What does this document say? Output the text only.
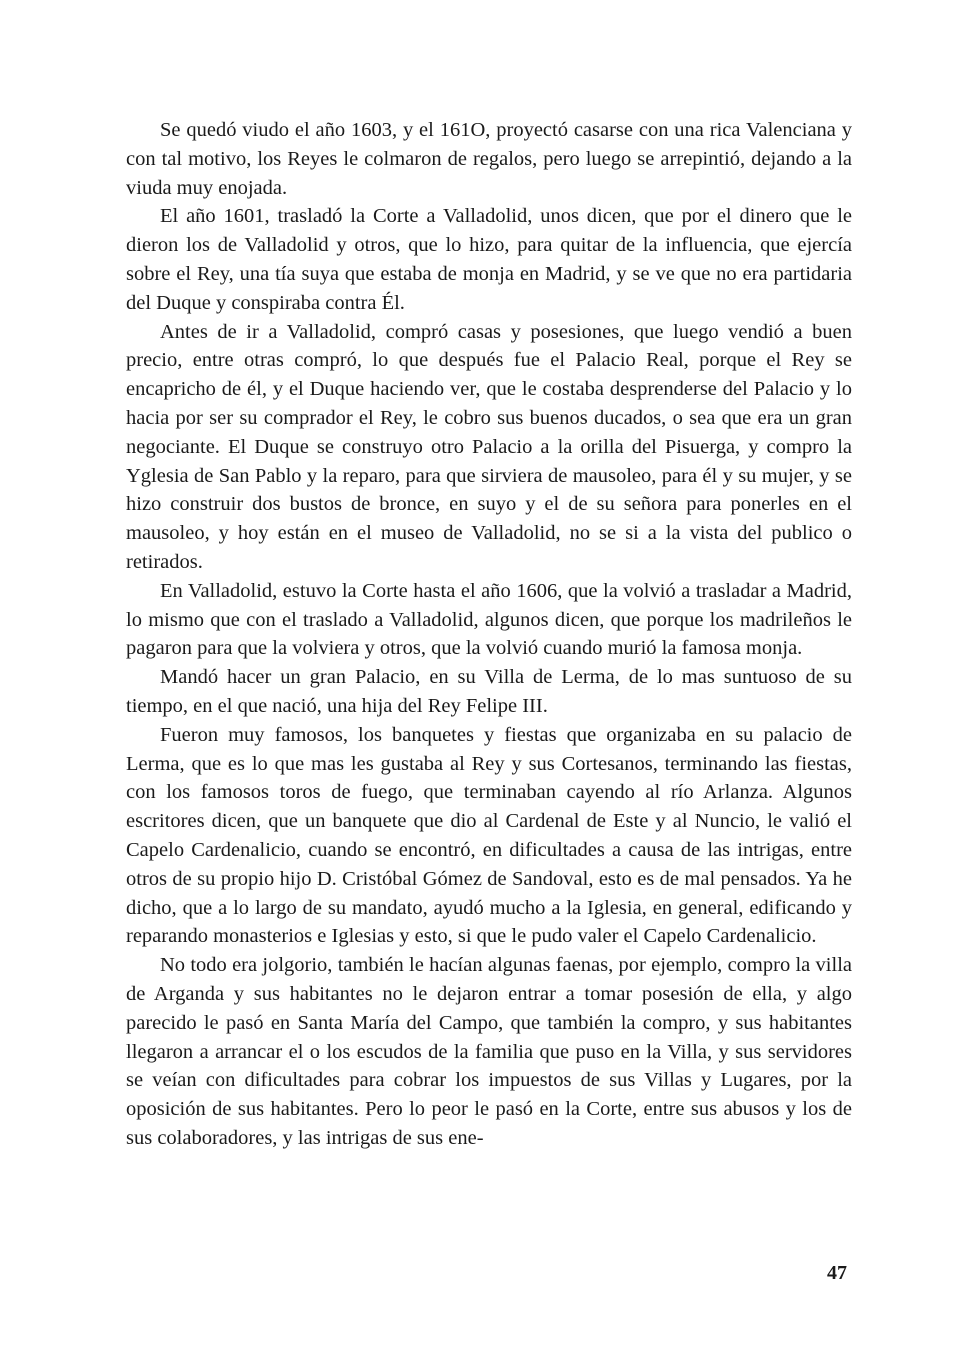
Se quedó viudo el año 1603, y el 161O, proyectó casarse con una rica Valenciana y con tal motivo, los Reyes le colmaron de regalos, pero luego se arrepintió, dejando a la viuda muy enojada.

El año 1601, trasladó la Corte a Valladolid, unos dicen, que por el dinero que le dieron los de Valladolid y otros, que lo hizo, para quitar de la influencia, que ejercía sobre el Rey, una tía suya que estaba de monja en Madrid, y se ve que no era partidaria del Duque y conspiraba contra Él.

Antes de ir a Valladolid, compró casas y posesiones, que luego vendió a buen precio, entre otras compró, lo que después fue el Palacio Real, porque el Rey se encapricho de él, y el Duque haciendo ver, que le costaba desprenderse del Palacio y lo hacia por ser su comprador el Rey, le cobro sus buenos ducados, o sea que era un gran negociante. El Duque se construyo otro Palacio a la orilla del Pisuerga, y compro la Yglesia de San Pablo y la reparo, para que sirviera de mausoleo, para él y su mujer, y se hizo construir dos bustos de bronce, en suyo y el de su señora para ponerles en el mausoleo, y hoy están en el museo de Valladolid, no se si a la vista del publico o retirados.

En Valladolid, estuvo la Corte hasta el año 1606, que la volvió a trasladar a Madrid, lo mismo que con el traslado a Valladolid, algunos dicen, que porque los madrileños le pagaron para que la volviera y otros, que la volvió cuando murió la famosa monja.

Mandó hacer un gran Palacio, en su Villa de Lerma, de lo mas suntuoso de su tiempo, en el que nació, una hija del Rey Felipe III.

Fueron muy famosos, los banquetes y fiestas que organizaba en su palacio de Lerma, que es lo que mas les gustaba al Rey y sus Cortesanos, terminando las fiestas, con los famosos toros de fuego, que terminaban cayendo al río Arlanza. Algunos escritores dicen, que un banquete que dio al Cardenal de Este y al Nuncio, le valió el Capelo Cardenalicio, cuando se encontró, en dificultades a causa de las intrigas, entre otros de su propio hijo D. Cristóbal Gómez de Sandoval, esto es de mal pensados. Ya he dicho, que a lo largo de su mandato, ayudó mucho a la Iglesia, en general, edificando y reparando monasterios e Iglesias y esto, si que le pudo valer el Capelo Cardenalicio.

No todo era jolgorio, también le hacían algunas faenas, por ejemplo, compro la villa de Arganda y sus habitantes no le dejaron entrar a tomar posesión de ella, y algo parecido le pasó en Santa María del Campo, que también la compro, y sus habitantes llegaron a arrancar el o los escudos de la familia que puso en la Villa, y sus servidores se veían con dificultades para cobrar los impuestos de sus Villas y Lugares, por la oposición de sus habitantes. Pero lo peor le pasó en la Corte, entre sus abusos y los de sus colaboradores, y las intrigas de sus ene-

47
